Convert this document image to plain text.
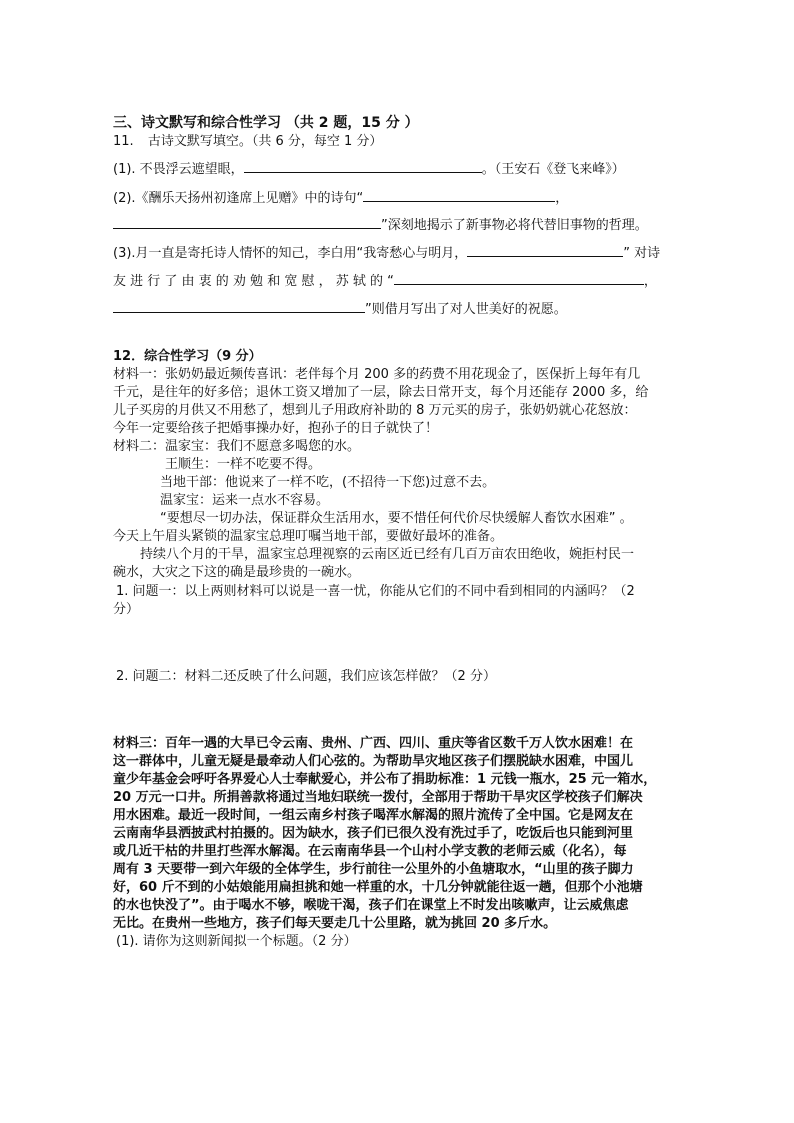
三、诗文默写和综合性学习 （共 2 题，15 分 ）
11. 古诗文默写填空。（共 6 分，每空 1 分）
(1). 不畏浮云遮望眼，	。（王安石《登飞来峰》）
(2).《酬乐天扬州初逢席上见赠》中的诗句“	，
”深刻地揭示了新事物必将代替旧事物的哲理。
(3).月一直是寄托诗人情怀的知己，李白用“我寄愁心与明月，	” 对诗
友 进 行 了 由 衷 的 劝 勉 和 宽 慰 ， 苏 轼 的 “	，
”则借月写出了对人世美好的祝愿。
12．综合性学习（9 分）
材料一：张奶奶最近频传喜讯：老伴每个月 200 多的药费不用花现金了，医保折上每年有几
千元，是往年的好多倍；退休工资又增加了一层，除去日常开支，每个月还能存 2000 多，给
儿子买房的月供又不用愁了，想到儿子用政府补助的 8 万元买的房子，张奶奶就心花怒放：
今年一定要给孩子把婚事操办好，抱孙子的日子就快了！
材料二：温家宝：我们不愿意多喝您的水。
王顺生：一样不吃要不得。
当地干部：他说来了一样不吃，(不招待一下您)过意不去。
温家宝：运来一点水不容易。
“要想尽一切办法，保证群众生活用水，要不惜任何代价尽快缓解人畜饮水困难” 。
今天上午眉头紧锁的温家宝总理叮嘱当地干部，要做好最坏的准备。
持续八个月的干旱，温家宝总理视察的云南区近已经有几百万亩农田绝收，婉拒村民一
碗水，大灾之下这的确是最珍贵的一碗水。
1. 问题一：以上两则材料可以说是一喜一忧，你能从它们的不同中看到相同的内涵吗？（2
分）
2. 问题二：材料二还反映了什么问题，我们应该怎样做？（2 分）
材料三：百年一遇的大旱已令云南、贵州、广西、四川、重庆等省区数千万人饮水困难！在
这一群体中，儿童无疑是最牵动人们心弦的。为帮助旱灾地区孩子们摆脱缺水困难，中国儿
童少年基金会呼吁各界爱心人士奉献爱心，并公布了捐助标准：1 元钱一瓶水，25 元一箱水，
20 万元一口井。所捐善款将通过当地妇联统一拨付，全部用于帮助干旱灾区学校孩子们解决
用水困难。最近一段时间，一组云南乡村孩子喝浑水解渴的照片流传了全中国。它是网友在
云南南华县洒披武村拍摄的。因为缺水，孩子们已很久没有洗过手了，吃饭后也只能到河里
或几近干枯的井里打些浑水解渴。在云南南华县一个山村小学支教的老师云威（化名），每
周有 3 天要带一到六年级的全体学生，步行前往一公里外的小鱼塘取水，“山里的孩子脚力
好，60 斤不到的小姑娘能用扁担挑和她一样重的水，十几分钟就能往返一趟，但那个小池塘
的水也快没了”。由于喝水不够，喉咙干渴，孩子们在课堂上不时发出咳嗽声，让云威焦虑
无比。在贵州一些地方，孩子们每天要走几十公里路，就为挑回 20 多斤水。
(1). 请你为这则新闻拟一个标题。（2 分）
